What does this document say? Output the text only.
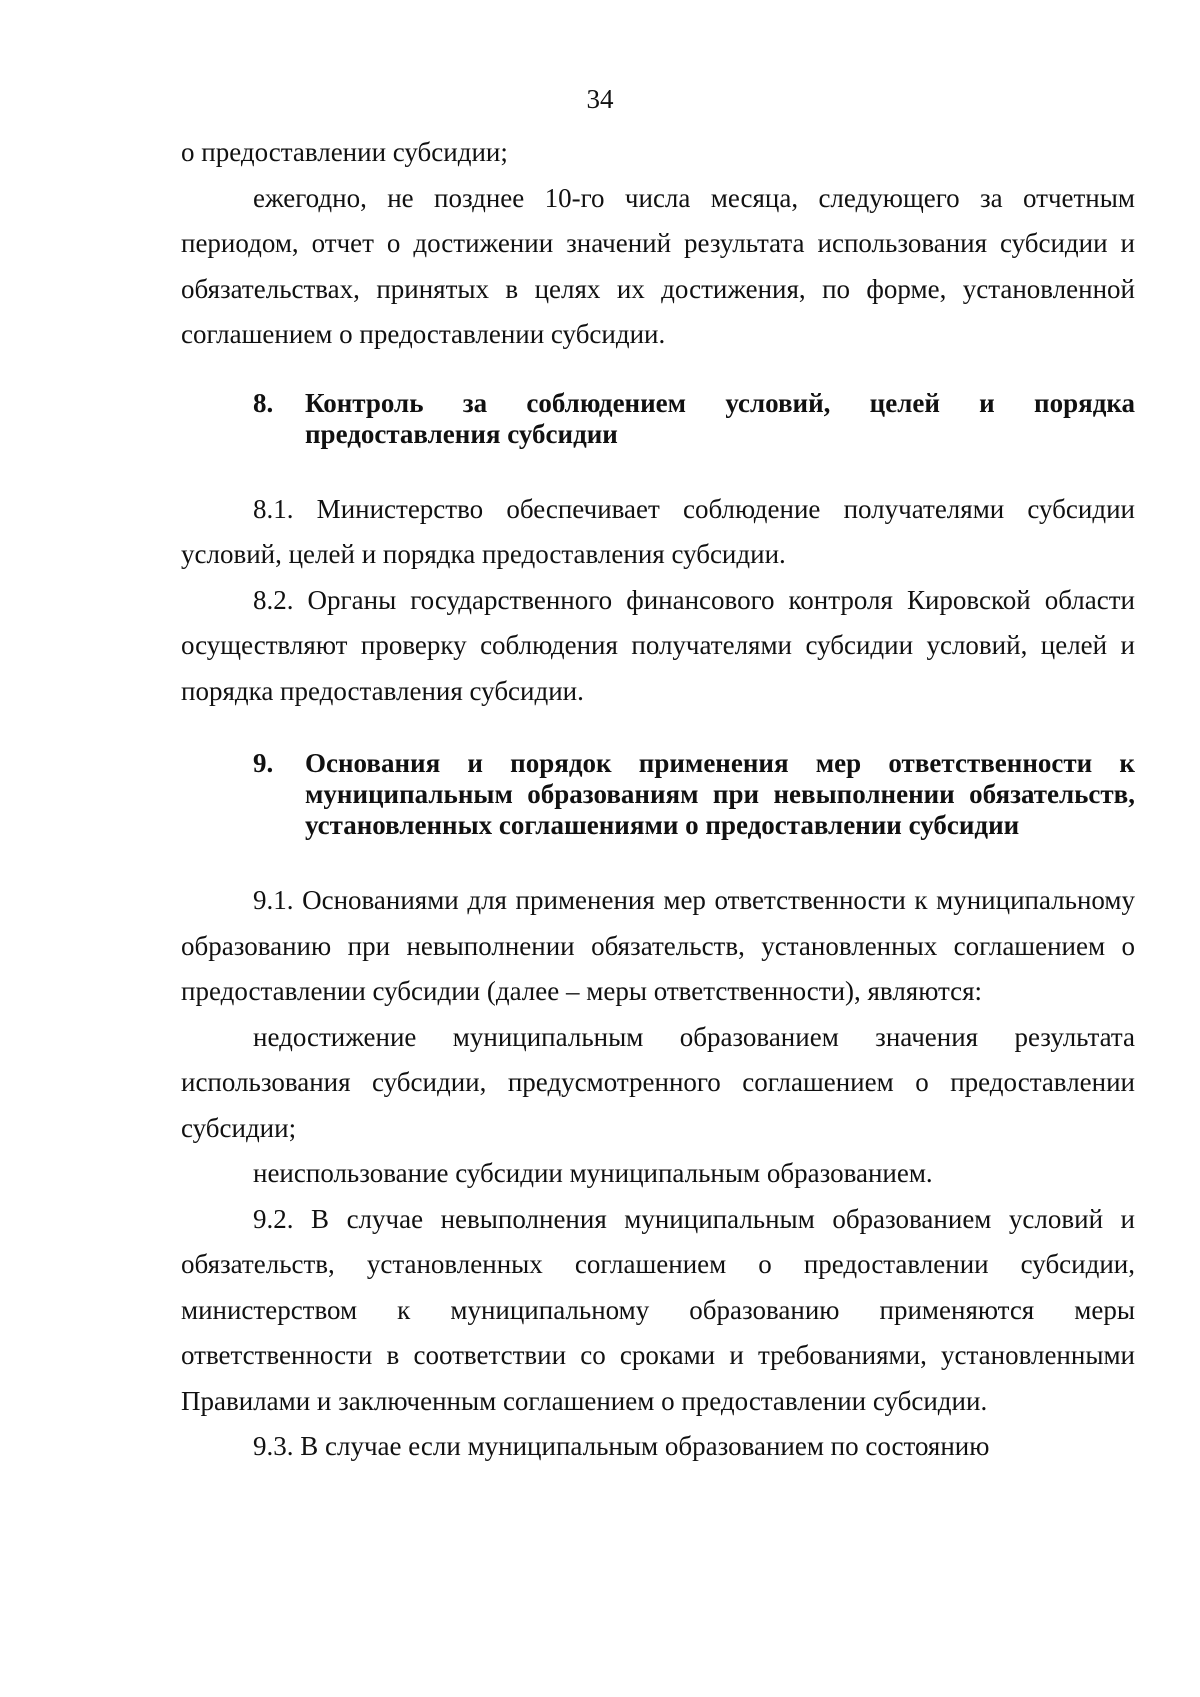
34

о предоставлении субсидии;

ежегодно, не позднее 10-го числа месяца, следующего за отчетным периодом, отчет о достижении значений результата использования субсидии и обязательствах, принятых в целях их достижения, по форме, установленной соглашением о предоставлении субсидии.

8.	Контроль за соблюдением условий, целей и порядка предоставления субсидии

8.1. Министерство обеспечивает соблюдение получателями субсидии условий, целей и порядка предоставления субсидии.

8.2. Органы государственного финансового контроля Кировской области осуществляют проверку соблюдения получателями субсидии условий, целей и порядка предоставления субсидии.

9.	Основания и порядок применения мер ответственности к муниципальным образованиям при невыполнении обязательств, установленных соглашениями о предоставлении субсидии

9.1. Основаниями для применения мер ответственности к муниципальному образованию при невыполнении обязательств, установленных соглашением о предоставлении субсидии (далее – меры ответственности), являются:

недостижение муниципальным образованием значения результата использования субсидии, предусмотренного соглашением о предоставлении субсидии;

неиспользование субсидии муниципальным образованием.

9.2. В случае невыполнения муниципальным образованием условий и обязательств, установленных соглашением о предоставлении субсидии, министерством к муниципальному образованию применяются меры ответственности в соответствии со сроками и требованиями, установленными Правилами и заключенным соглашением о предоставлении субсидии.

9.3. В случае если муниципальным образованием по состоянию
